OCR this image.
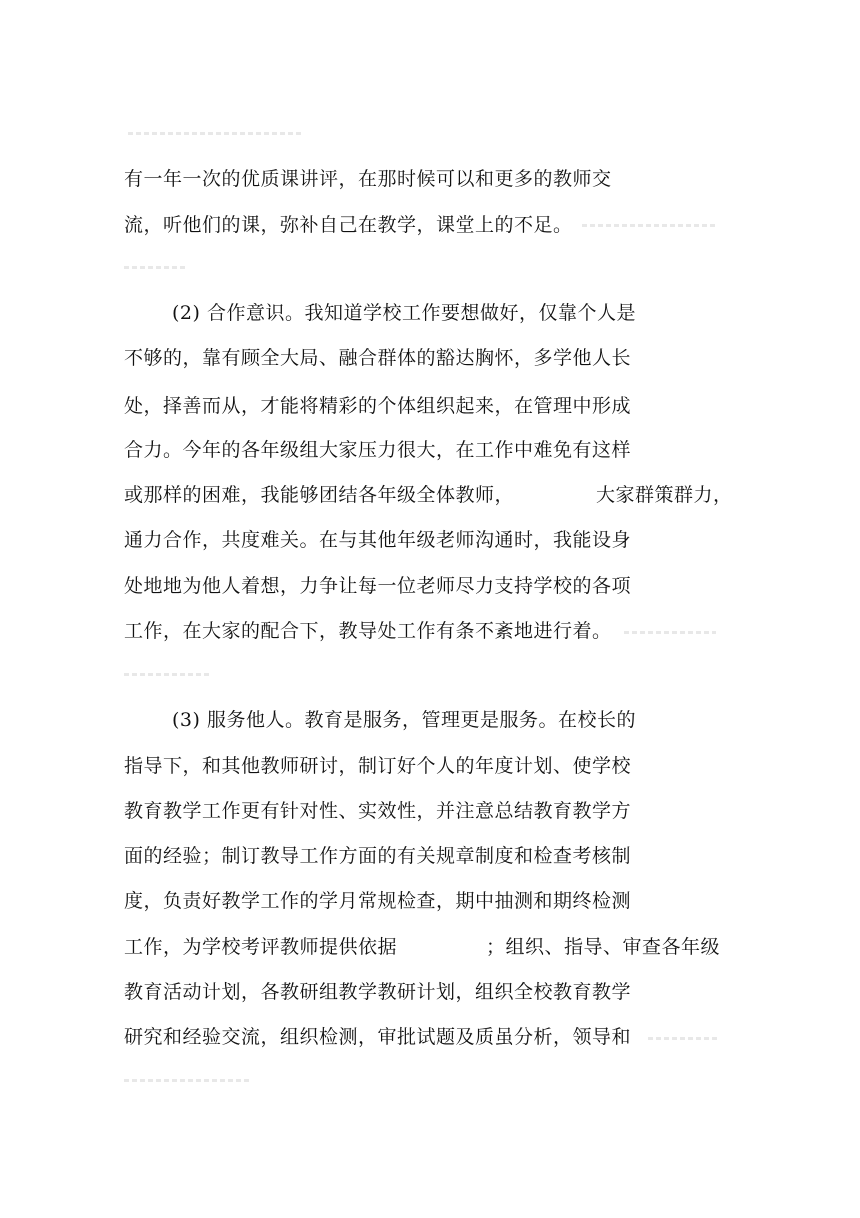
有一年一次的优质课讲评，在那时候可以和更多的教师交
流，听他们的课，弥补自己在教学，课堂上的不足。
(2) 合作意识。我知道学校工作要想做好，仅靠个人是
不够的，靠有顾全大局、融合群体的豁达胸怀，多学他人长
处，择善而从，才能将精彩的个体组织起来，在管理中形成
合力。今年的各年级组大家压力很大，在工作中难免有这样
或那样的困难，我能够团结各年级全体教师，	大家群策群力，
通力合作，共度难关。在与其他年级老师沟通时，我能设身
处地地为他人着想，力争让每一位老师尽力支持学校的各项
工作，在大家的配合下，教导处工作有条不紊地进行着。
(3) 服务他人。教育是服务，管理更是服务。在校长的
指导下，和其他教师研讨，制订好个人的年度计划、使学校
教育教学工作更有针对性、实效性，并注意总结教育教学方
面的经验；制订教导工作方面的有关规章制度和检查考核制
度，负责好教学工作的学月常规检查，期中抽测和期终检测
工作，为学校考评教师提供依据	；组织、指导、审查各年级
教育活动计划，各教研组教学教研计划，组织全校教育教学
研究和经验交流，组织检测，审批试题及质虽分析，领导和
